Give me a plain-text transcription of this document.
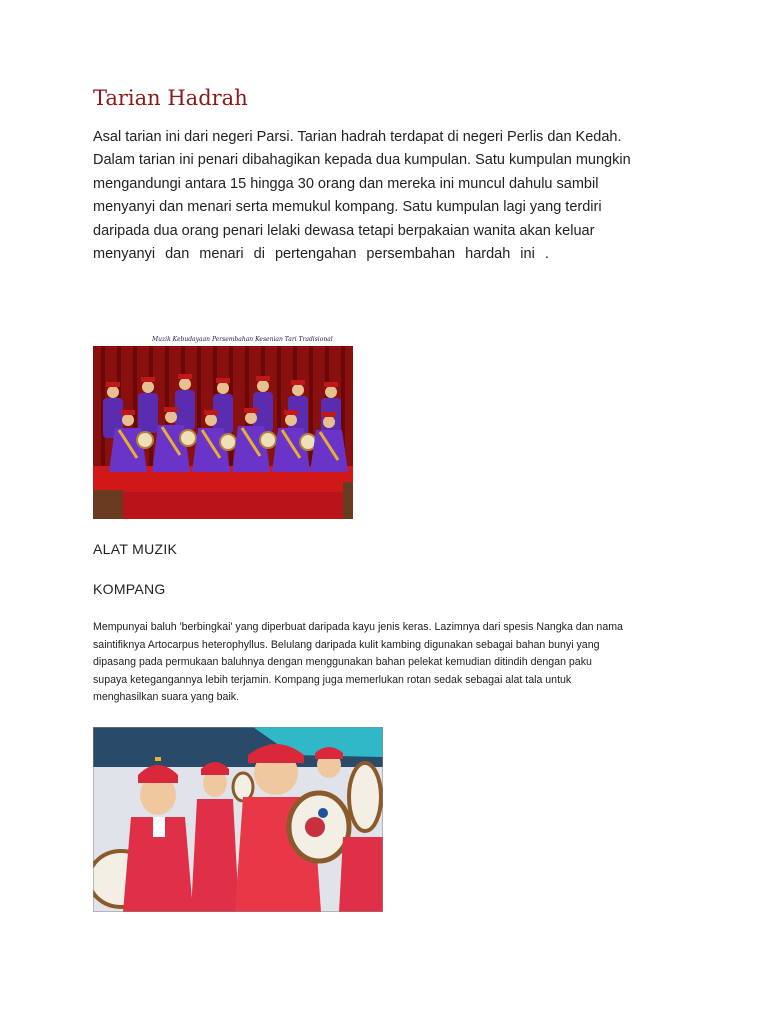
Tarian Hadrah

Asal tarian ini dari negeri Parsi. Tarian hadrah terdapat di negeri Perlis dan Kedah.
Dalam tarian ini penari dibahagikan kepada dua kumpulan. Satu kumpulan mungkin
mengandungi antara 15 hingga 30 orang dan mereka ini muncul dahulu sambil
menyanyi dan menari serta memukul kompang. Satu kumpulan lagi yang terdiri
daripada dua orang penari lelaki dewasa tetapi berpakaian wanita akan keluar
menyanyi dan menari di pertengahan persembahan hardah ini .

Muzik Kebudayaan Persembahan Kesenian Tari Tradisional
ALAT MUZIK
KOMPANG

Mempunyai baluh 'berbingkai' yang diperbuat daripada kayu jenis keras. Lazimnya dari spesis Nangka dan nama
saintifiknya Artocarpus heterophyllus. Belulang daripada kulit kambing digunakan sebagai bahan bunyi yang
dipasang pada permukaan baluhnya dengan menggunakan bahan pelekat kemudian ditindih dengan paku
supaya ketegangannya lebih terjamin. Kompang juga memerlukan rotan sedak sebagai alat tala untuk
menghasilkan suara yang baik.
